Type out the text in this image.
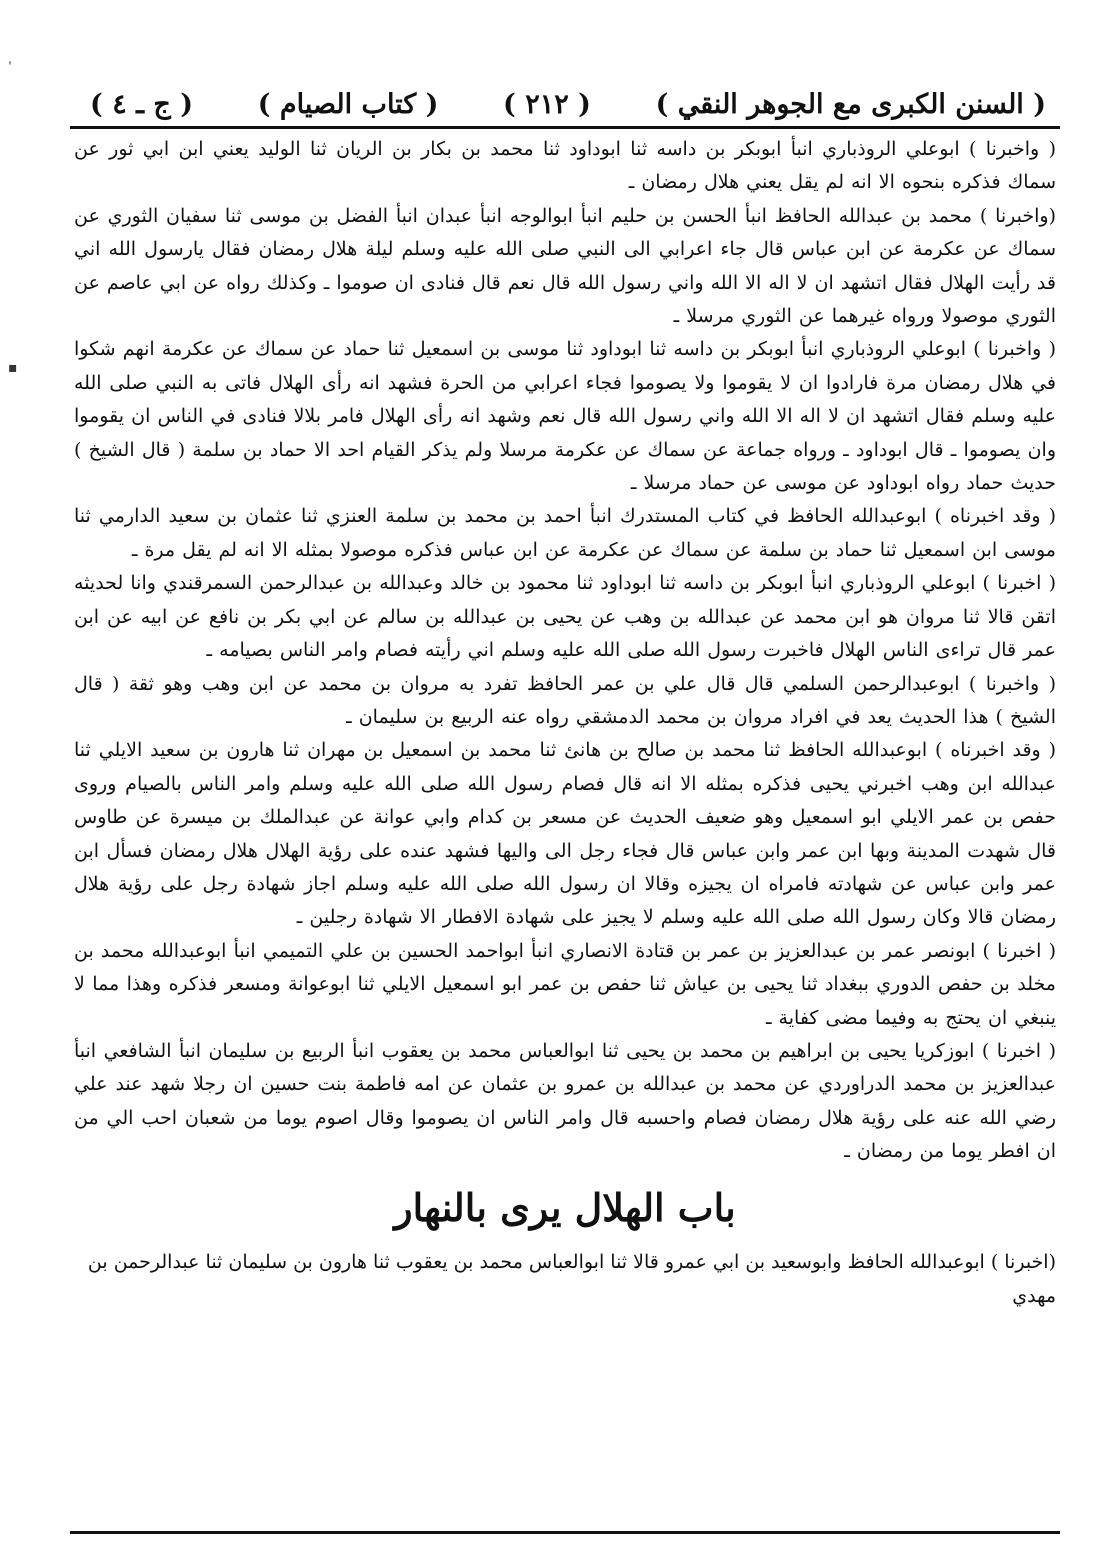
ˈ
▪
( السنن الكبرى مع الجوهر النقي )
( ٢١٢ )
( كتاب الصيام )
( ج ـ ٤ )

( واخبرنا ) ابوعلي الروذباري انبأ ابوبكر بن داسه ثنا ابوداود ثنا محمد بن بكار بن الريان ثنا الوليد يعني ابن ابي ثور عن سماك فذكره بنحوه الا انه لم يقل يعني هلال رمضان ـ

(واخبرنا ) محمد بن عبدالله الحافظ انبأ الحسن بن حليم انبأ ابوالوجه انبأ عبدان انبأ الفضل بن موسى ثنا سفيان الثوري عن سماك عن عكرمة عن ابن عباس قال جاء اعرابي الى النبي صلى الله عليه وسلم ليلة هلال رمضان فقال يارسول الله اني قد رأيت الهلال فقال اتشهد ان لا اله الا الله واني رسول الله قال نعم قال فنادى ان صوموا ـ وكذلك رواه عن ابي عاصم عن الثوري موصولا ورواه غيرهما عن الثوري مرسلا ـ

( واخبرنا ) ابوعلي الروذباري انبأ ابوبكر بن داسه ثنا ابوداود ثنا موسى بن اسمعيل ثنا حماد عن سماك عن عكرمة انهم شكوا في هلال رمضان مرة فارادوا ان لا يقوموا ولا يصوموا فجاء اعرابي من الحرة فشهد انه رأى الهلال فاتى به النبي صلى الله عليه وسلم فقال اتشهد ان لا اله الا الله واني رسول الله قال نعم وشهد انه رأى الهلال فامر بلالا فنادى في الناس ان يقوموا وان يصوموا ـ قال ابوداود ـ ورواه جماعة عن سماك عن عكرمة مرسلا ولم يذكر القيام احد الا حماد بن سلمة ( قال الشيخ ) حديث حماد رواه ابوداود عن موسى عن حماد مرسلا ـ

( وقد اخبرناه ) ابوعبدالله الحافظ في كتاب المستدرك انبأ احمد بن محمد بن سلمة العنزي ثنا عثمان بن سعيد الدارمي ثنا موسى ابن اسمعيل ثنا حماد بن سلمة عن سماك عن عكرمة عن ابن عباس فذكره موصولا بمثله الا انه لم يقل مرة ـ

( اخبرنا ) ابوعلي الروذباري انبأ ابوبكر بن داسه ثنا ابوداود ثنا محمود بن خالد وعبدالله بن عبدالرحمن السمرقندي وانا لحديثه اتقن قالا ثنا مروان هو ابن محمد عن عبدالله بن وهب عن يحيى بن عبدالله بن سالم عن ابي بكر بن نافع عن ابيه عن ابن عمر قال تراءى الناس الهلال فاخبرت رسول الله صلى الله عليه وسلم اني رأيته فصام وامر الناس بصيامه ـ

( واخبرنا ) ابوعبدالرحمن السلمي قال قال علي بن عمر الحافظ تفرد به مروان بن محمد عن ابن وهب وهو ثقة ( قال الشيخ ) هذا الحديث يعد في افراد مروان بن محمد الدمشقي رواه عنه الربيع بن سليمان ـ

( وقد اخبرناه ) ابوعبدالله الحافظ ثنا محمد بن صالح بن هانئ ثنا محمد بن اسمعيل بن مهران ثنا هارون بن سعيد الايلي ثنا عبدالله ابن وهب اخبرني يحيى فذكره بمثله الا انه قال فصام رسول الله صلى الله عليه وسلم وامر الناس بالصيام وروى حفص بن عمر الايلي ابو اسمعيل وهو ضعيف الحديث عن مسعر بن كدام وابي عوانة عن عبدالملك بن ميسرة عن طاوس قال شهدت المدينة وبها ابن عمر وابن عباس قال فجاء رجل الى واليها فشهد عنده على رؤية الهلال هلال رمضان فسأل ابن عمر وابن عباس عن شهادته فامراه ان يجيزه وقالا ان رسول الله صلى الله عليه وسلم اجاز شهادة رجل على رؤية هلال رمضان قالا وكان رسول الله صلى الله عليه وسلم لا يجيز على شهادة الافطار الا شهادة رجلين ـ

( اخبرنا ) ابونصر عمر بن عبدالعزيز بن عمر بن قتادة الانصاري انبأ ابواحمد الحسين بن علي التميمي انبأ ابوعبدالله محمد بن مخلد بن حفص الدوري ببغداد ثنا يحيى بن عياش ثنا حفص بن عمر ابو اسمعيل الايلي ثنا ابوعوانة ومسعر فذكره وهذا مما لا ينبغي ان يحتج به وفيما مضى كفاية ـ

( اخبرنا ) ابوزكريا يحيى بن ابراهيم بن محمد بن يحيى ثنا ابوالعباس محمد بن يعقوب انبأ الربيع بن سليمان انبأ الشافعي انبأ عبدالعزيز بن محمد الدراوردي عن محمد بن عبدالله بن عمرو بن عثمان عن امه فاطمة بنت حسين ان رجلا شهد عند علي رضي الله عنه على رؤية هلال رمضان فصام واحسبه قال وامر الناس ان يصوموا وقال اصوم يوما من شعبان احب الي من ان افطر يوما من رمضان ـ

باب الهلال يرى بالنهار
(اخبرنا ) ابوعبدالله الحافظ وابوسعيد بن ابي عمرو قالا ثنا ابوالعباس محمد بن يعقوب ثنا هارون بن سليمان ثنا عبدالرحمن بن مهدي
